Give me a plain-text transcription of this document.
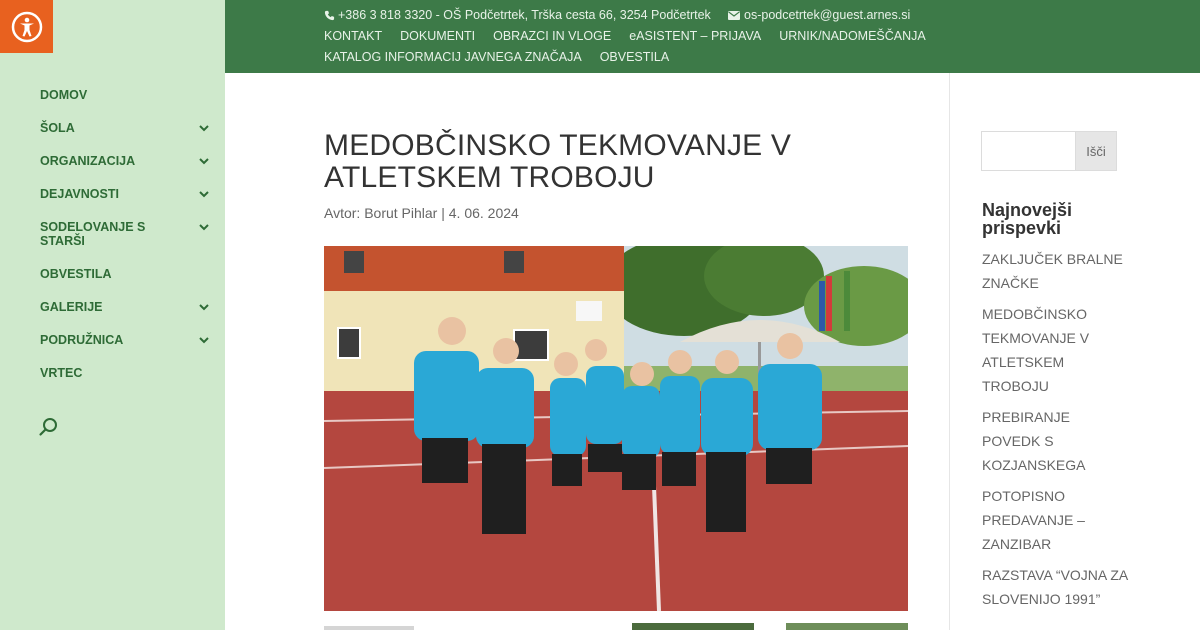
DOMOV
ŠOLA
ORGANIZACIJA
DEJAVNOSTI
SODELOVANJE S STARŠI
OBVESTILA
GALERIJE
PODRUŽNICA
VRTEC
+386 3 818 3320 - OŠ Podčetrtek, Trška cesta 66, 3254 Podčetrtek	os-podcetrtek@guest.arnes.si
KONTAKT DOKUMENTI OBRAZCI IN VLOGE eASISTENT – PRIJAVA URNIK/NADOMEŠČANJA
KATALOG INFORMACIJ JAVNEGA ZNAČAJA OBVESTILA
MEDOBČINSKO TEKMOVANJE V ATLETSKEM TROBOJU
Avtor: Borut Pihlar | 4. 06. 2024
Išči
Najnovejši prispevki
ZAKLJUČEK BRALNE ZNAČKE
MEDOBČINSKO TEKMOVANJE V ATLETSKEM TROBOJU
PREBIRANJE POVEDK S KOZJANSKEGA
POTOPISNO PREDAVANJE – ZANZIBAR
RAZSTAVA “VOJNA ZA SLOVENIJO 1991”
